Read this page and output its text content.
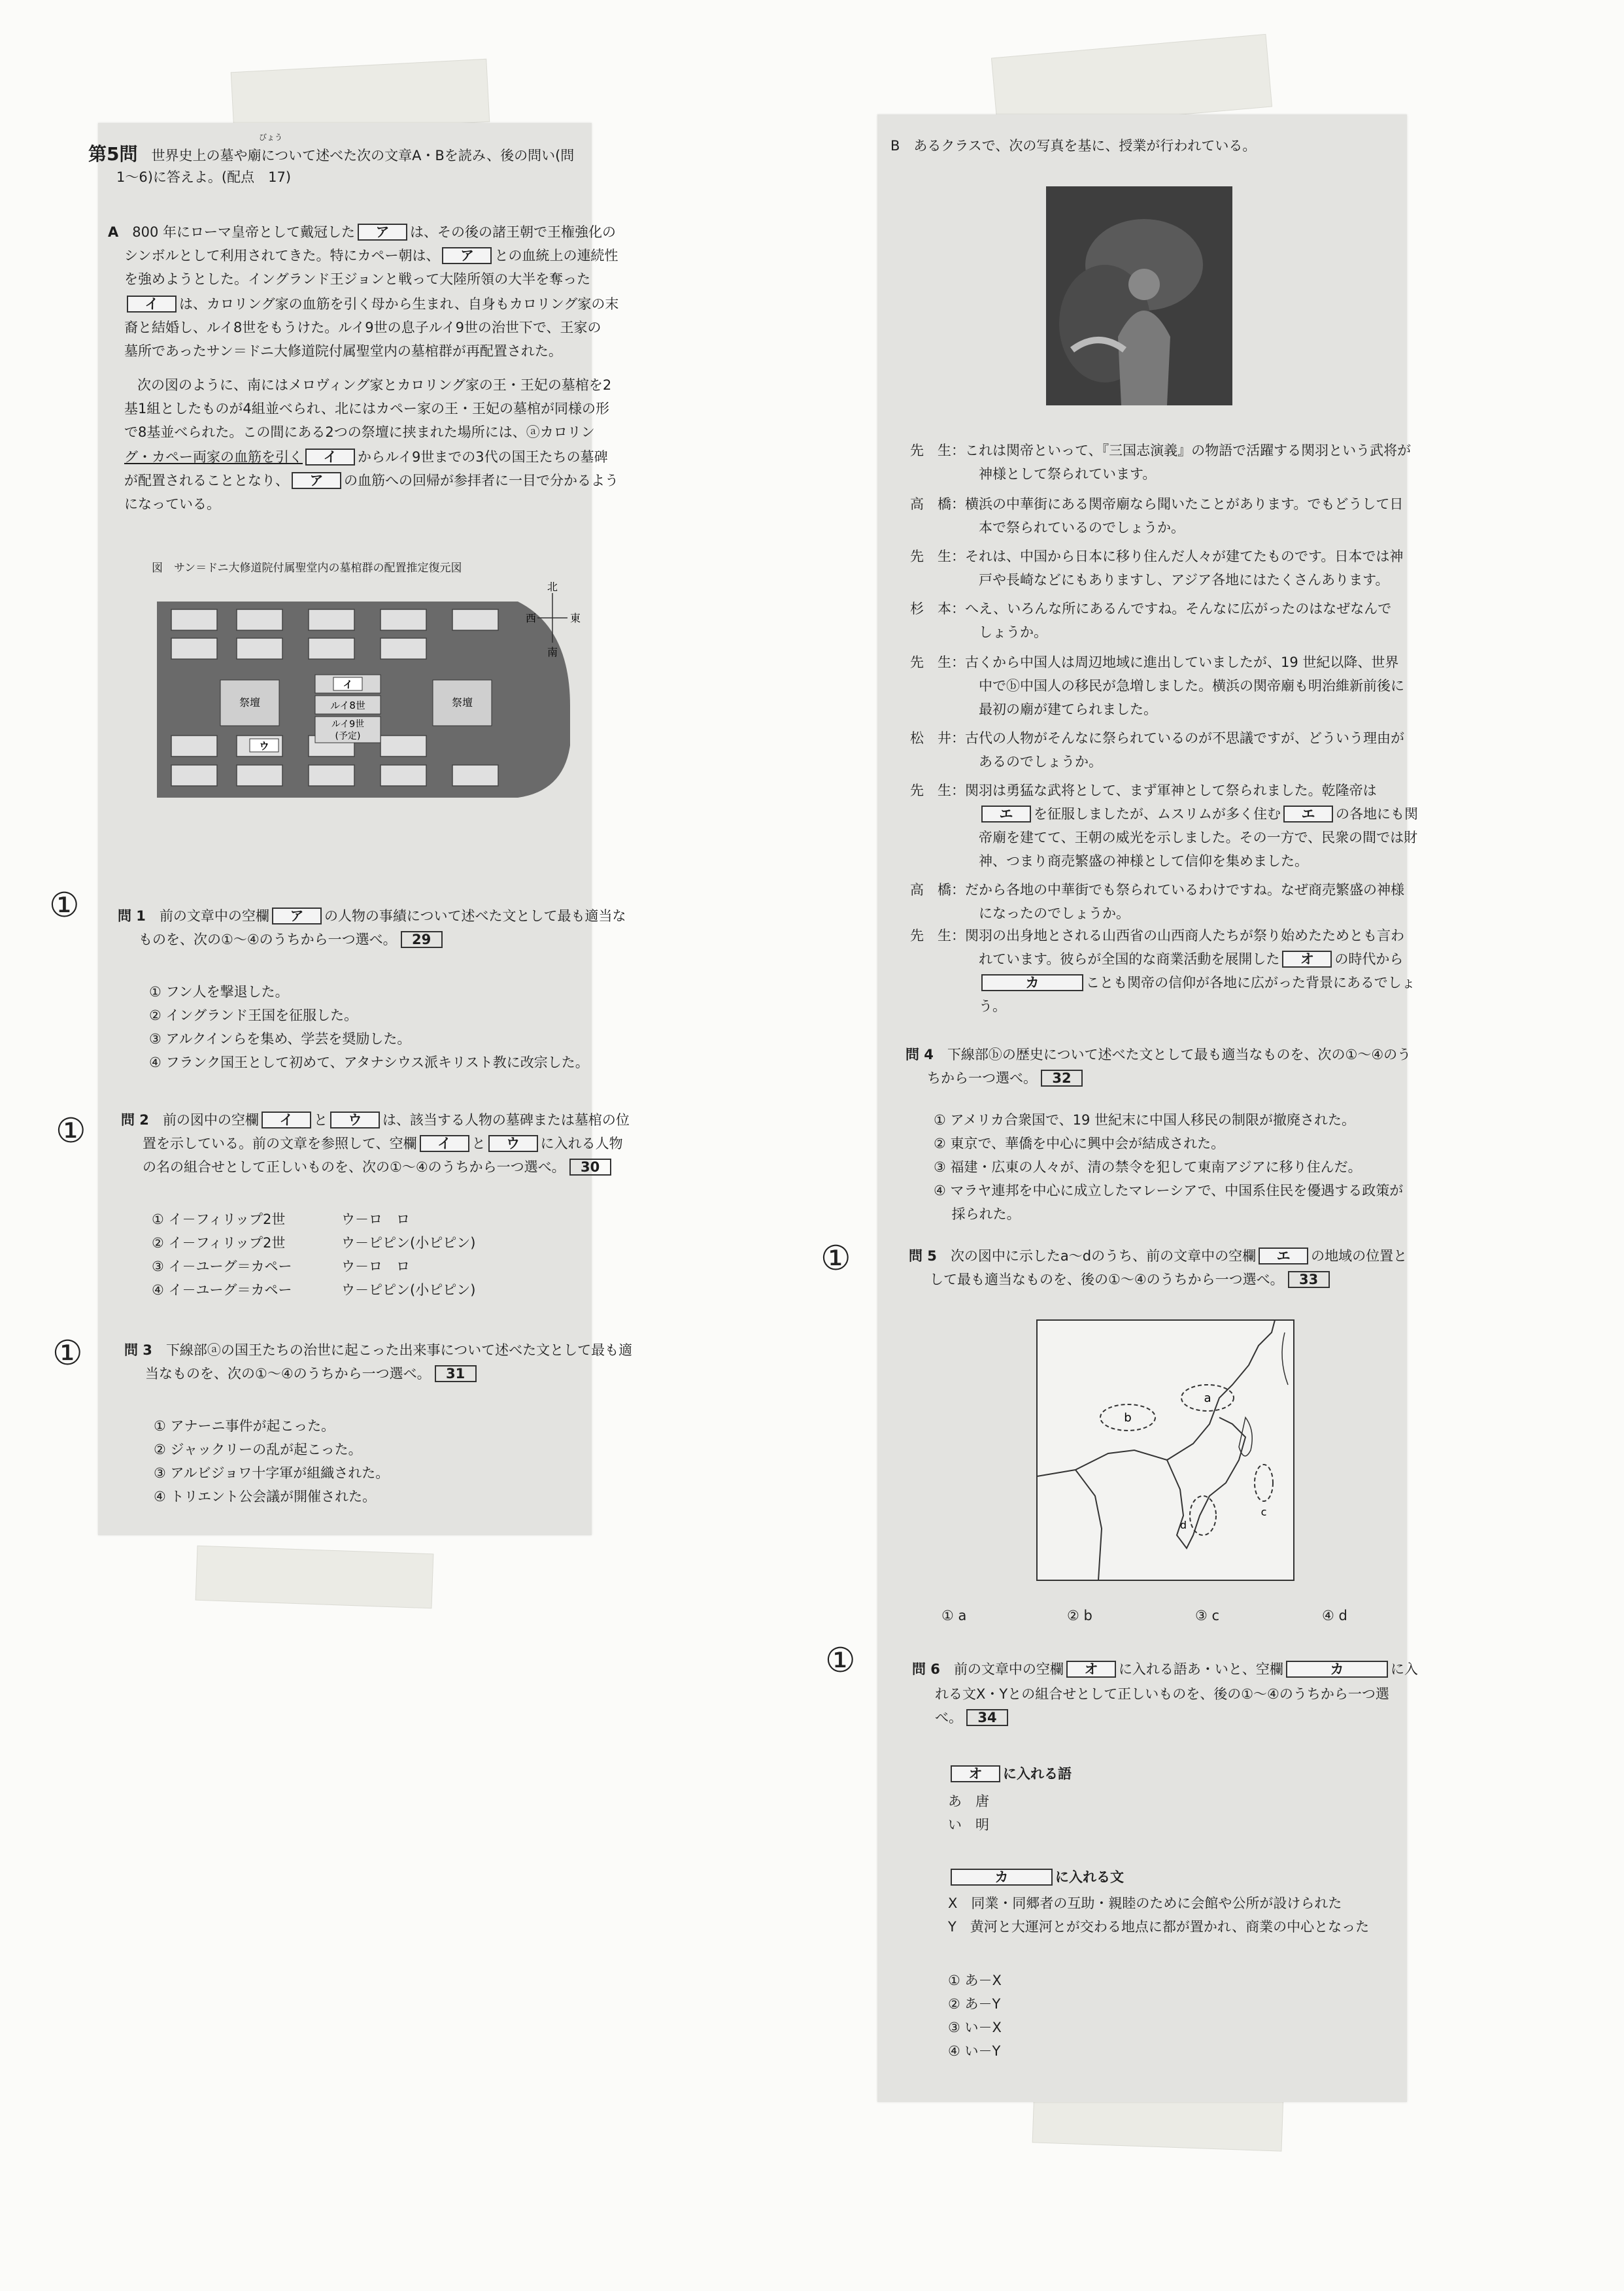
第5問　 世界史上の墓や廟について述べた次の文章A・Bを読み、後の問い(問
びょう
1〜6)に答えよ。(配点　17)
A　 800 年にローマ皇帝として戴冠した ア は、その後の諸王朝で王権強化の
シンボルとして利用されてきた。特にカペー朝は、 ア との血統上の連続性
を強めようとした。イングランド王ジョンと戦って大陸所領の大半を奪った
イ は、カロリング家の血筋を引く母から生まれ、自身もカロリング家の末
裔と結婚し、ルイ8世をもうけた。ルイ9世の息子ルイ9世の治世下で、王家の
墓所であったサン＝ドニ大修道院付属聖堂内の墓棺群が再配置された。
次の図のように、南にはメロヴィング家とカロリング家の王・王妃の墓棺を2
基1組としたものが4組並べられ、北にはカペー家の王・王妃の墓棺が同様の形
で8基並べられた。この間にある2つの祭壇に挟まれた場所には、ⓐカロリン
グ・カペー両家の血筋を引く イ からルイ9世までの3代の国王たちの墓碑
が配置されることとなり、 ア の血筋への回帰が参拝者に一目で分かるよう
になっている。
図　サン＝ドニ大修道院付属聖堂内の墓棺群の配置推定復元図
祭壇	祭壇
イ
ルイ8世
ルイ9世
(予定)
ウ
北
南
西	東
問 1　 前の文章中の空欄 ア の人物の事績について述べた文として最も適当な
ものを、次の①〜④のうちから一つ選べ。 29
① フン人を撃退した。
② イングランド王国を征服した。
③ アルクインらを集め、学芸を奨励した。
④ フランク国王として初めて、アタナシウス派キリスト教に改宗した。
問 2　 前の図中の空欄 イ と ウ は、該当する人物の墓碑または墓棺の位
置を示している。前の文章を参照して、空欄 イ と ウ に入れる人物
の名の組合せとして正しいものを、次の①〜④のうちから一つ選べ。 30
① イ－フィリップ2世	ウ－ロ　ロ
② イ－フィリップ2世	ウ－ピピン(小ピピン)
③ イ－ユーグ＝カペー	ウ－ロ　ロ
④ イ－ユーグ＝カペー	ウ－ピピン(小ピピン)
問 3　 下線部ⓐの国王たちの治世に起こった出来事について述べた文として最も適
当なものを、次の①〜④のうちから一つ選べ。 31
① アナーニ事件が起こった。
② ジャックリーの乱が起こった。
③ アルビジョワ十字軍が組織された。
④ トリエント公会議が開催された。
①
①
①
①
①
B　あるクラスで、次の写真を基に、授業が行われている。
先　生：これは関帝といって、『三国志演義』の物語で活躍する関羽という武将が
神様として祭られています。
高　橋：横浜の中華街にある関帝廟なら聞いたことがあります。でもどうして日
本で祭られているのでしょうか。
先　生：それは、中国から日本に移り住んだ人々が建てたものです。日本では神
戸や長崎などにもありますし、アジア各地にはたくさんあります。
杉　本：へえ、いろんな所にあるんですね。そんなに広がったのはなぜなんで
しょうか。
先　生：古くから中国人は周辺地域に進出していましたが、19 世紀以降、世界
中でⓑ中国人の移民が急増しました。横浜の関帝廟も明治維新前後に
最初の廟が建てられました。
松　井：古代の人物がそんなに祭られているのが不思議ですが、どういう理由が
あるのでしょうか。
先　生：関羽は勇猛な武将として、まず軍神として祭られました。乾隆帝は
エ を征服しましたが、ムスリムが多く住む エ の各地にも関
帝廟を建てて、王朝の威光を示しました。その一方で、民衆の間では財
神、つまり商売繁盛の神様として信仰を集めました。
高　橋：だから各地の中華街でも祭られているわけですね。なぜ商売繁盛の神様
になったのでしょうか。
先　生：関羽の出身地とされる山西省の山西商人たちが祭り始めたためとも言わ
れています。彼らが全国的な商業活動を展開した オ の時代から
カ	ことも関帝の信仰が各地に広がった背景にあるでしょ
う。
問 4　 下線部ⓑの歴史について述べた文として最も適当なものを、次の①〜④のう
ちから一つ選べ。 32
① アメリカ合衆国で、19 世紀末に中国人移民の制限が撤廃された。
② 東京で、華僑を中心に興中会が結成された。
③ 福建・広東の人々が、清の禁令を犯して東南アジアに移り住んだ。
④ マラヤ連邦を中心に成立したマレーシアで、中国系住民を優遇する政策が
　 採られた。
問 5　 次の図中に示したa〜dのうち、前の文章中の空欄 エ の地域の位置と
して最も適当なものを、後の①〜④のうちから一つ選べ。 33
b
a
c
d
① a	② b	③ c	④ d
問 6　 前の文章中の空欄 オ に入れる語あ・いと、空欄	カ	に入
れる文X・Yとの組合せとして正しいものを、後の①〜④のうちから一つ選
べ。 34
オ に入れる語
あ　唐
い　明
カ	に入れる文
X　同業・同郷者の互助・親睦のために会館や公所が設けられた
Y　黄河と大運河とが交わる地点に都が置かれ、商業の中心となった
① あ－X
② あ－Y
③ い－X
④ い－Y
